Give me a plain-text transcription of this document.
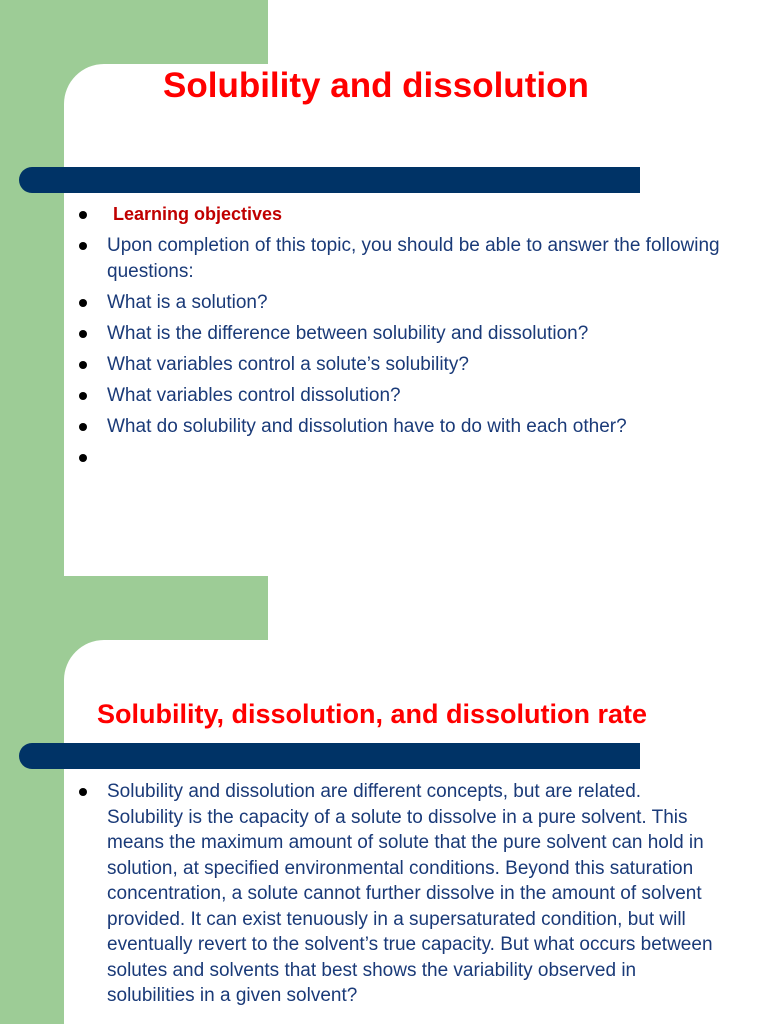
Solubility and dissolution
Learning objectives
Upon completion of this topic, you should be able to answer the following questions:
What is a solution?
What is the difference between solubility and dissolution?
What variables control a solute’s solubility?
What variables control dissolution?
What do solubility and dissolution have to do with each other?
Solubility, dissolution, and dissolution rate
Solubility and dissolution are different concepts, but are related. Solubility is the capacity of a solute to dissolve in a pure solvent. This means the maximum amount of solute that the pure solvent can hold in solution, at specified environmental conditions. Beyond this saturation concentration, a solute cannot further dissolve in the amount of solvent provided. It can exist tenuously in a supersaturated condition, but will eventually revert to the solvent’s true capacity. But what occurs between solutes and solvents that best shows the variability observed in solubilities in a given solvent?
